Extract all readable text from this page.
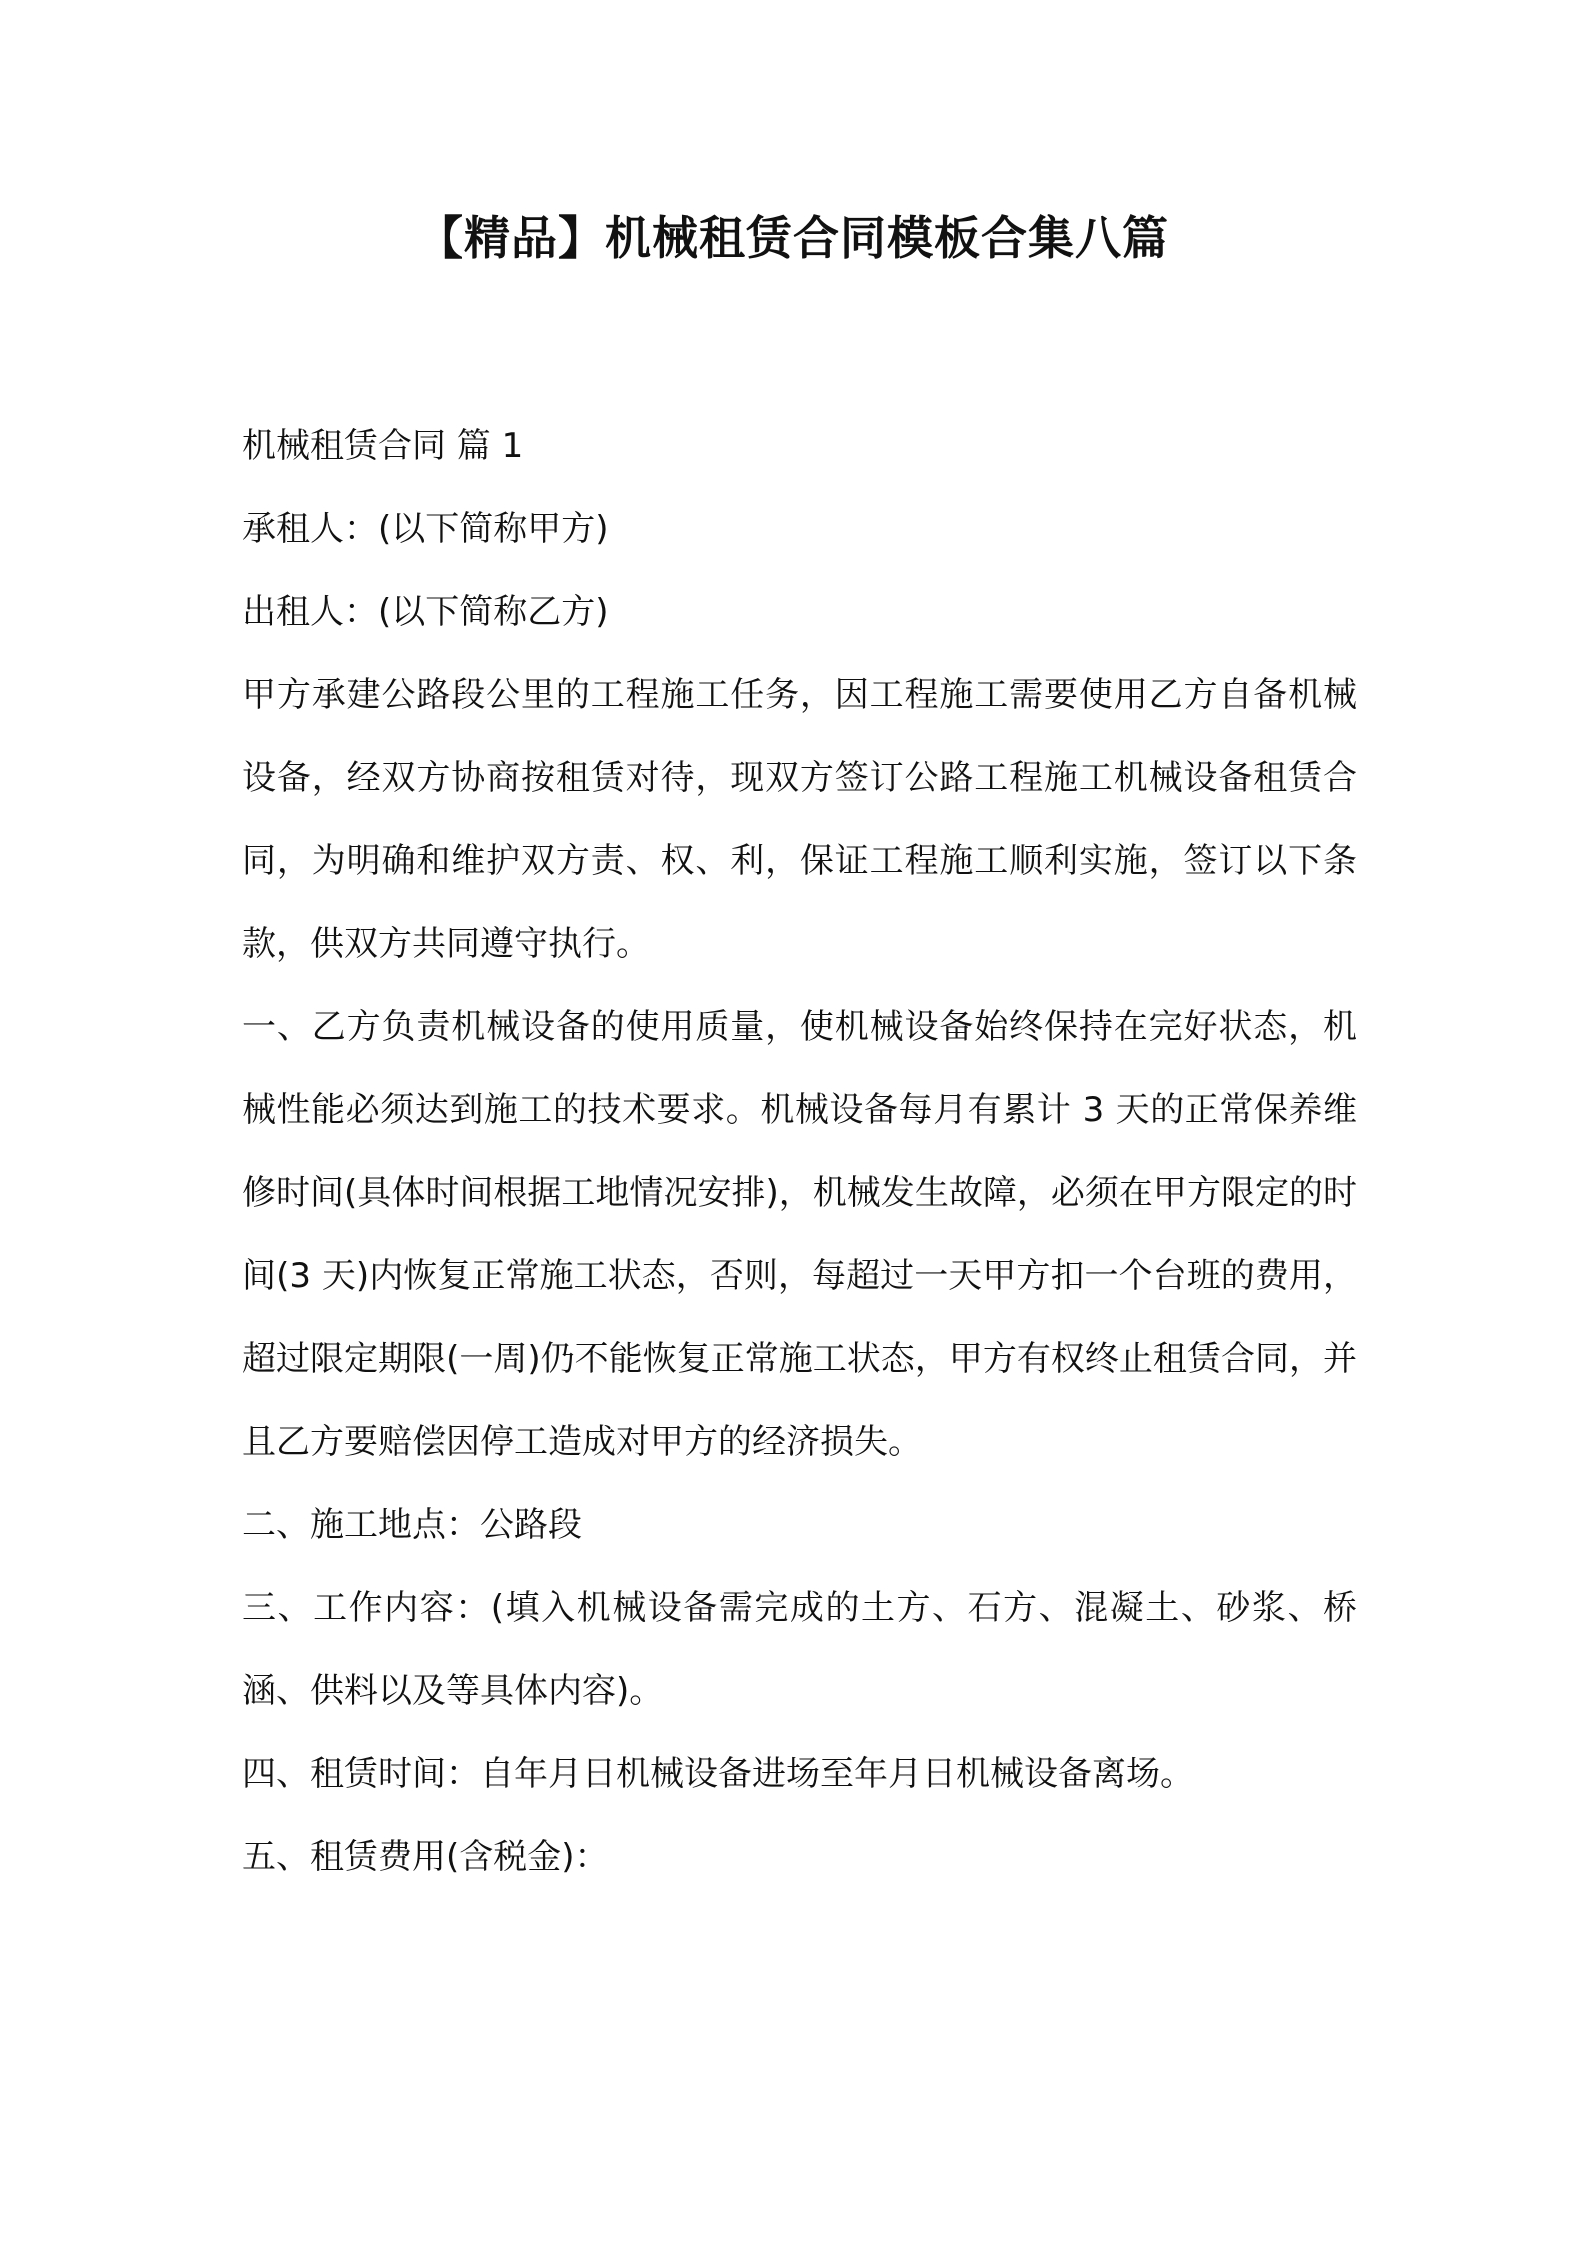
【精品】机械租赁合同模板合集八篇

机械租赁合同 篇 1

承租人：(以下简称甲方)

出租人：(以下简称乙方)

甲方承建公路段公里的工程施工任务，因工程施工需要使用乙方自备机械设备，经双方协商按租赁对待，现双方签订公路工程施工机械设备租赁合同，为明确和维护双方责、权、利，保证工程施工顺利实施，签订以下条款，供双方共同遵守执行。

一、乙方负责机械设备的使用质量，使机械设备始终保持在完好状态，机械性能必须达到施工的技术要求。机械设备每月有累计 3 天的正常保养维修时间(具体时间根据工地情况安排)，机械发生故障，必须在甲方限定的时间(3 天)内恢复正常施工状态，否则，每超过一天甲方扣一个台班的费用，超过限定期限(一周)仍不能恢复正常施工状态，甲方有权终止租赁合同，并且乙方要赔偿因停工造成对甲方的经济损失。

二、施工地点：公路段

三、工作内容：(填入机械设备需完成的土方、石方、混凝土、砂浆、桥涵、供料以及等具体内容)。

四、租赁时间：自年月日机械设备进场至年月日机械设备离场。

五、租赁费用(含税金)：
